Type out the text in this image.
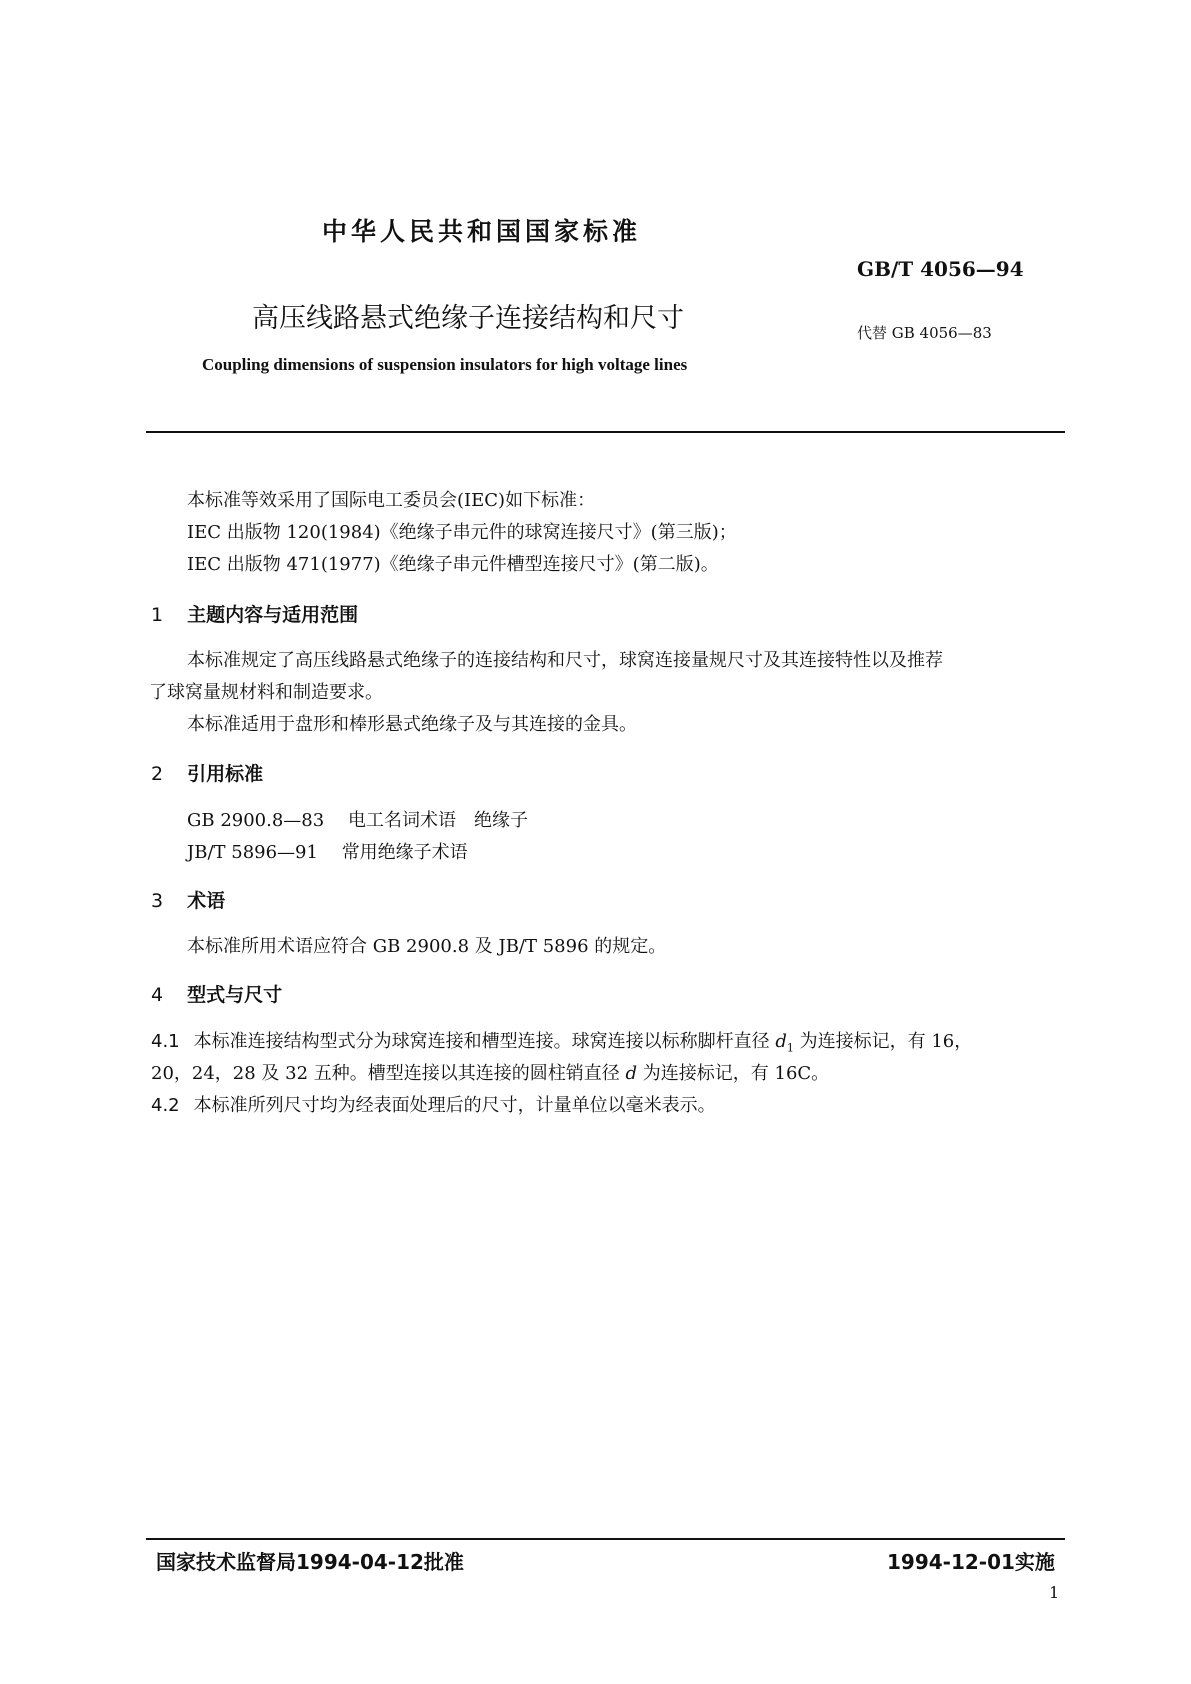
中华人民共和国国家标准
GB/T 4056—94
高压线路悬式绝缘子连接结构和尺寸	代替 GB 4056—83
Coupling dimensions of suspension insulators for high voltage lines
本标准等效采用了国际电工委员会(IEC)如下标准：
IEC 出版物 120(1984)《绝缘子串元件的球窝连接尺寸》(第三版)；
IEC 出版物 471(1977)《绝缘子串元件槽型连接尺寸》(第二版)。
1 主题内容与适用范围
本标准规定了高压线路悬式绝缘子的连接结构和尺寸，球窝连接量规尺寸及其连接特性以及推荐
了球窝量规材料和制造要求。
本标准适用于盘形和棒形悬式绝缘子及与其连接的金具。
2 引用标准
GB 2900.8—83 电工名词术语　绝缘子
JB/T 5896—91 常用绝缘子术语
3 术语
本标准所用术语应符合 GB 2900.8 及 JB/T 5896 的规定。
4 型式与尺寸
4.1 本标准连接结构型式分为球窝连接和槽型连接。球窝连接以标称脚杆直径 $d_1$ 为连接标记，有 16，
20，24，28 及 32 五种。槽型连接以其连接的圆柱销直径 d 为连接标记，有 16C。
4.2 本标准所列尺寸均为经表面处理后的尺寸，计量单位以毫米表示。
国家技术监督局1994-04-12批准	1994-12-01实施
1
